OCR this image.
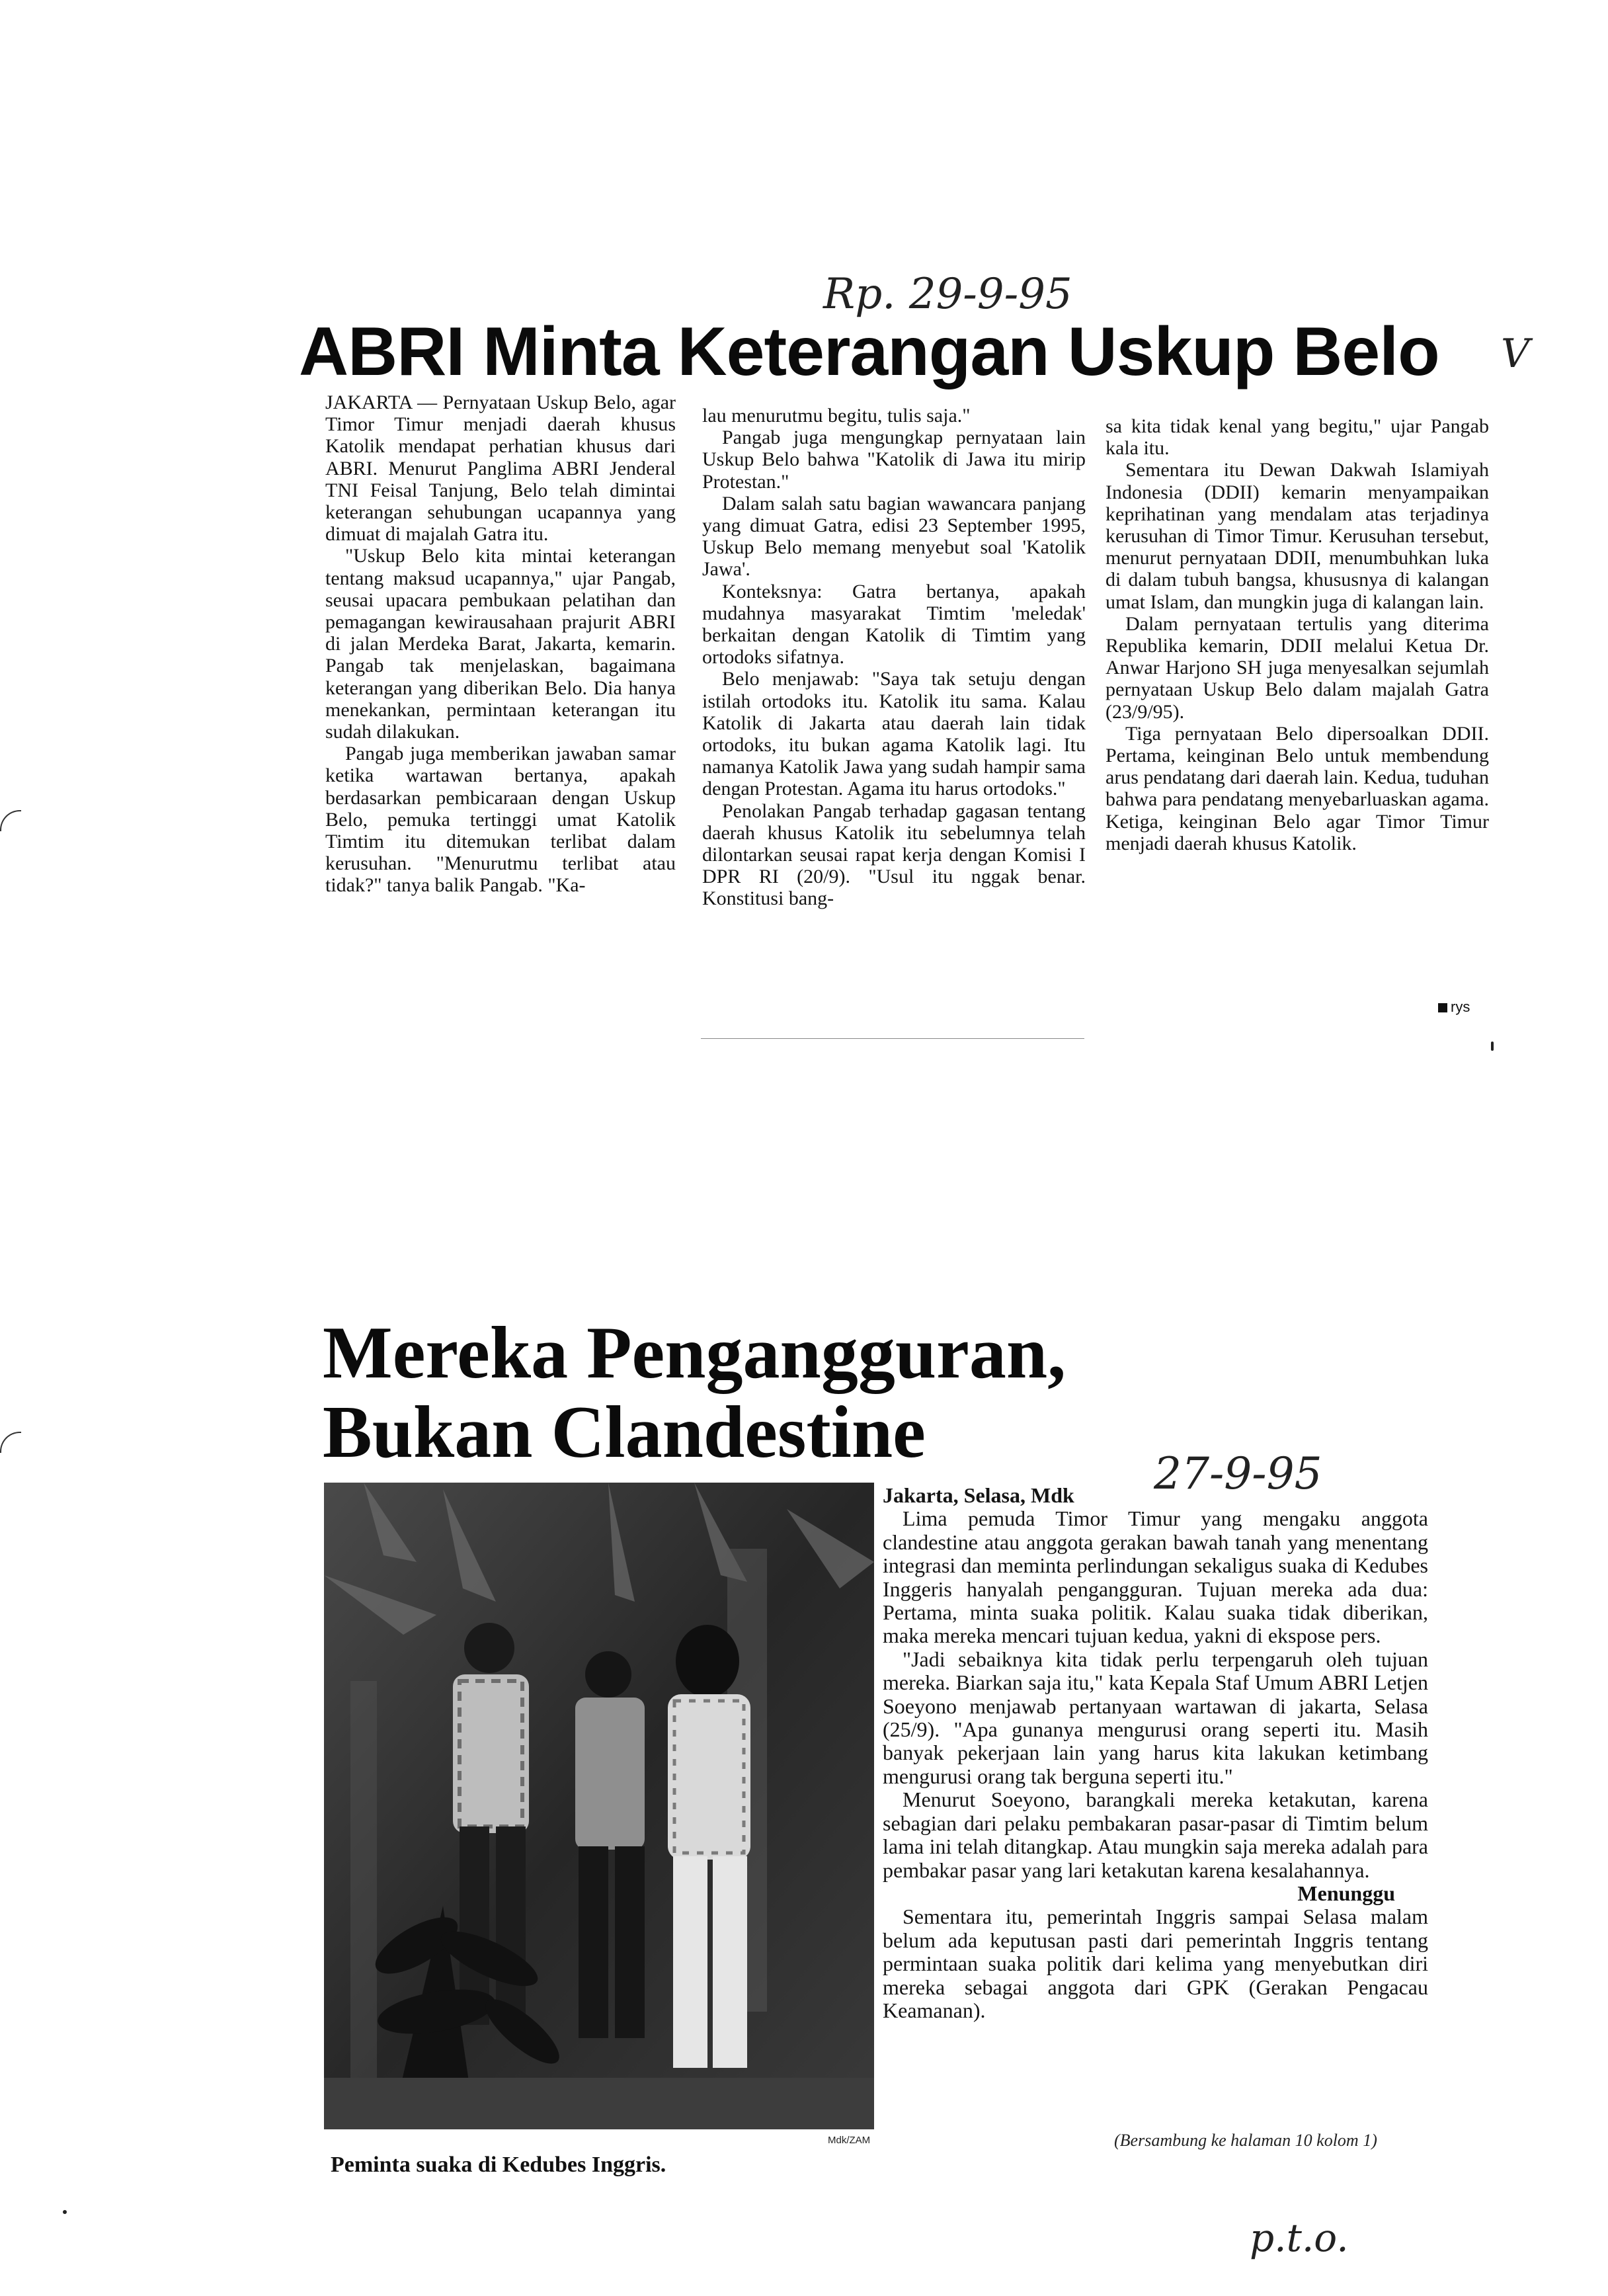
Rp. 29-9-95
V
27-9-95
p.t.o.
ABRI Minta Keterangan Uskup Belo

JAKARTA — Pernyataan Uskup Belo, agar Timor Timur menjadi daerah khusus Katolik mendapat perhatian khusus dari ABRI. Menurut Panglima ABRI Jenderal TNI Feisal Tanjung, Belo telah dimintai keterangan sehubungan ucapannya yang dimuat di majalah Gatra itu.

"Uskup Belo kita mintai keterangan tentang maksud ucapannya," ujar Pangab, seusai upacara pembukaan pelatihan dan pemagangan kewirausahaan prajurit ABRI di jalan Merdeka Barat, Jakarta, kemarin. Pangab tak menjelaskan, bagaimana keterangan yang diberikan Belo. Dia hanya menekankan, permintaan keterangan itu sudah dilakukan.

Pangab juga memberikan jawaban samar ketika wartawan bertanya, apakah berdasarkan pembicaraan dengan Uskup Belo, pemuka tertinggi umat Katolik Timtim itu ditemukan terlibat dalam kerusuhan. "Menurutmu terlibat atau tidak?" tanya balik Pangab. "Ka-

lau menurutmu begitu, tulis saja."

Pangab juga mengungkap pernyataan lain Uskup Belo bahwa "Katolik di Jawa itu mirip Protestan."

Dalam salah satu bagian wawancara panjang yang dimuat Gatra, edisi 23 September 1995, Uskup Belo memang menyebut soal 'Katolik Jawa'.

Konteksnya: Gatra bertanya, apakah mudahnya masyarakat Timtim 'meledak' berkaitan dengan Katolik di Timtim yang ortodoks sifatnya.

Belo menjawab: "Saya tak setuju dengan istilah ortodoks itu. Katolik itu sama. Kalau Katolik di Jakarta atau daerah lain tidak ortodoks, itu bukan agama Katolik lagi. Itu namanya Katolik Jawa yang sudah hampir sama dengan Protestan. Agama itu harus ortodoks."

Penolakan Pangab terhadap gagasan tentang daerah khusus Katolik itu sebelumnya telah dilontarkan seusai rapat kerja dengan Komisi I DPR RI (20/9). "Usul itu nggak benar. Konstitusi bang-

sa kita tidak kenal yang begitu," ujar Pangab kala itu.

Sementara itu Dewan Dakwah Islamiyah Indonesia (DDII) kemarin menyampaikan keprihatinan yang mendalam atas terjadinya kerusuhan di Timor Timur. Kerusuhan tersebut, menurut pernyataan DDII, menumbuhkan luka di dalam tubuh bangsa, khususnya di kalangan umat Islam, dan mungkin juga di kalangan lain.

Dalam pernyataan tertulis yang diterima Republika kemarin, DDII melalui Ketua Dr. Anwar Harjono SH juga menyesalkan sejumlah pernyataan Uskup Belo dalam majalah Gatra (23/9/95).

Tiga pernyataan Belo dipersoalkan DDII. Pertama, keinginan Belo untuk membendung arus pendatang dari daerah lain. Kedua, tuduhan bahwa para pendatang menyebarluaskan agama. Ketiga, keinginan Belo agar Timor Timur menjadi daerah khusus Katolik.

rys
Mereka Pengangguran,
Bukan Clandestine
Mdk/ZAM
Peminta suaka di Kedubes Inggris.

Jakarta, Selasa, Mdk

Lima pemuda Timor Timur yang mengaku anggota clandestine atau anggota gerakan bawah tanah yang menentang integrasi dan meminta perlindungan sekaligus suaka di Kedubes Inggeris hanyalah pengangguran. Tujuan mereka ada dua: Pertama, minta suaka politik. Kalau suaka tidak diberikan, maka mereka mencari tujuan kedua, yakni di ekspose pers.

"Jadi sebaiknya kita tidak perlu terpengaruh oleh tujuan mereka. Biarkan saja itu," kata Kepala Staf Umum ABRI Letjen Soeyono menjawab pertanyaan wartawan di jakarta, Selasa (25/9). "Apa gunanya mengurusi orang seperti itu. Masih banyak pekerjaan lain yang harus kita lakukan ketimbang mengurusi orang tak berguna seperti itu."

Menurut Soeyono, barangkali mereka ketakutan, karena sebagian dari pelaku pembakaran pasar-pasar di Timtim belum lama ini telah ditangkap. Atau mungkin saja mereka adalah para pembakar pasar yang lari ketakutan karena kesalahannya.

Menunggu

Sementara itu, pemerintah Inggris sampai Selasa malam belum ada keputusan pasti dari pemerintah Inggris tentang permintaan suaka politik dari kelima yang menyebutkan diri mereka sebagai anggota dari GPK (Gerakan Pengacau Keamanan).

(Bersambung ke halaman 10 kolom 1)
